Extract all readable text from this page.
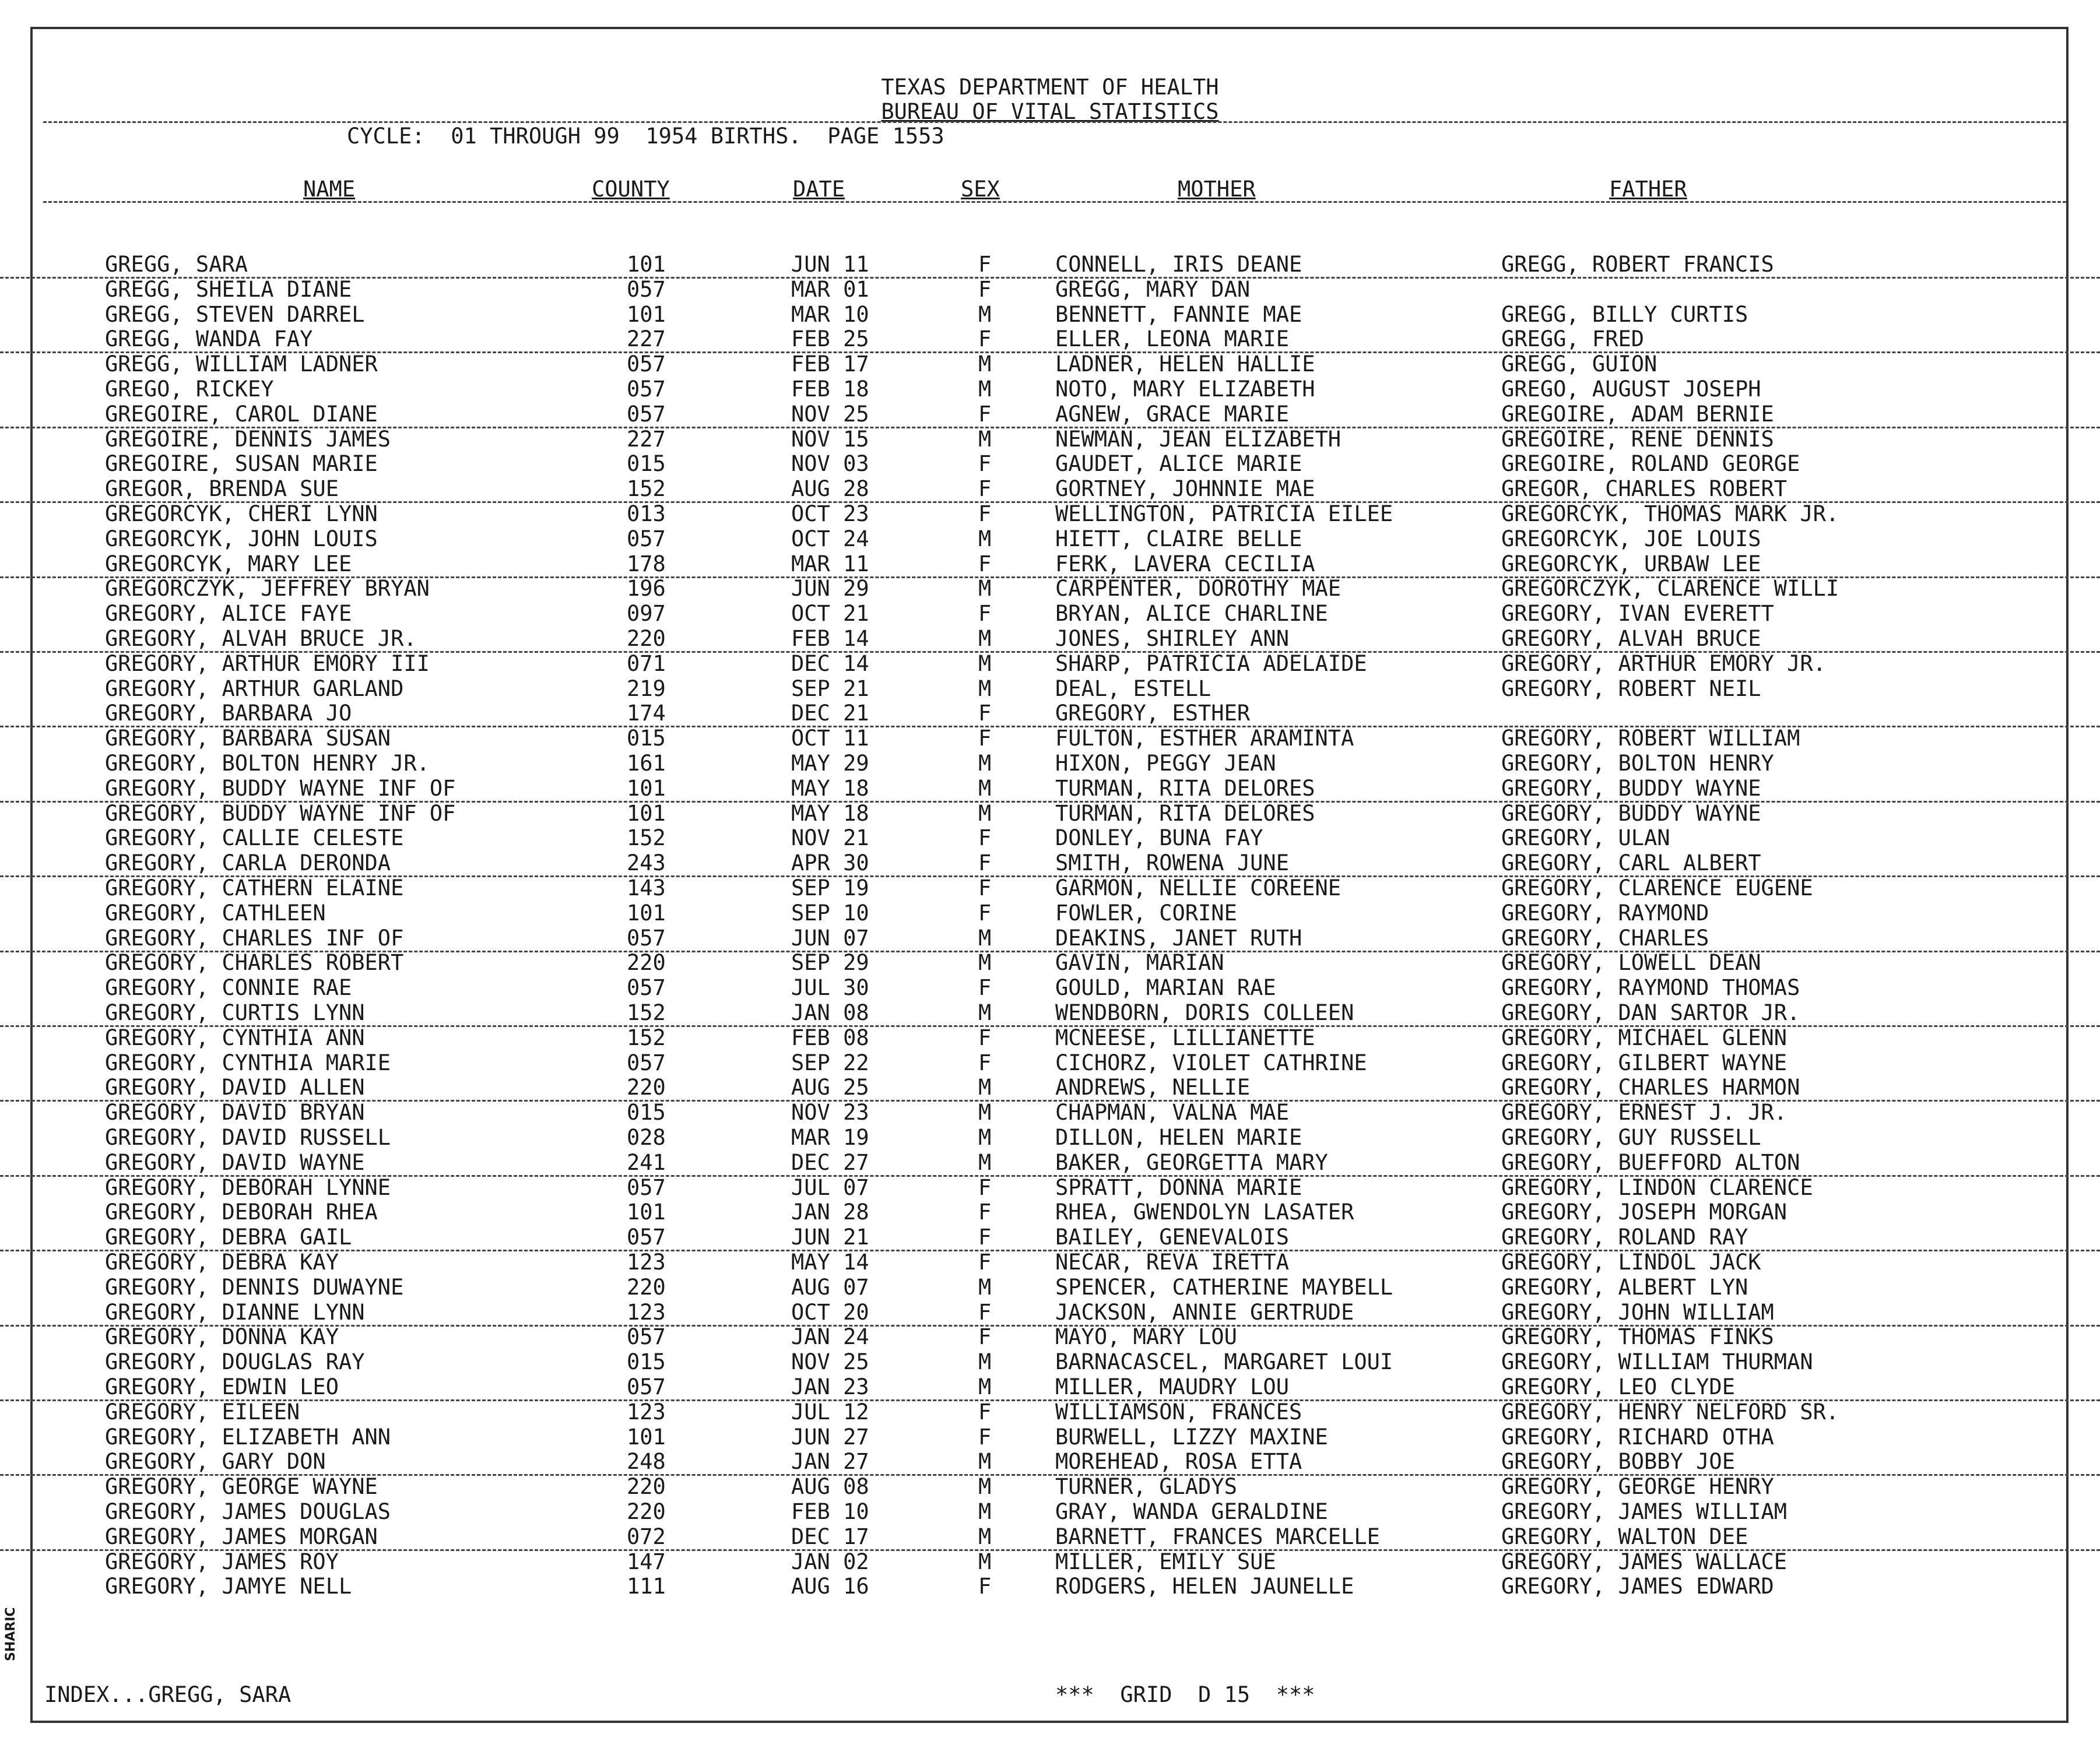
SHARIC
TEXAS DEPARTMENT OF HEALTH
BUREAU OF VITAL STATISTICS
CYCLE:  01 THROUGH 99  1954 BIRTHS.  PAGE 1553
NAME	COUNTY	DATE	SEX	MOTHER	FATHER
GREGG, SARA	101	JUN 11	F	CONNELL, IRIS DEANE	GREGG, ROBERT FRANCIS
GREGG, SHEILA DIANE	057	MAR 01	F	GREGG, MARY DAN
GREGG, STEVEN DARREL	101	MAR 10	M	BENNETT, FANNIE MAE	GREGG, BILLY CURTIS
GREGG, WANDA FAY	227	FEB 25	F	ELLER, LEONA MARIE	GREGG, FRED
GREGG, WILLIAM LADNER	057	FEB 17	M	LADNER, HELEN HALLIE	GREGG, GUION
GREGO, RICKEY	057	FEB 18	M	NOTO, MARY ELIZABETH	GREGO, AUGUST JOSEPH
GREGOIRE, CAROL DIANE	057	NOV 25	F	AGNEW, GRACE MARIE	GREGOIRE, ADAM BERNIE
GREGOIRE, DENNIS JAMES	227	NOV 15	M	NEWMAN, JEAN ELIZABETH	GREGOIRE, RENE DENNIS
GREGOIRE, SUSAN MARIE	015	NOV 03	F	GAUDET, ALICE MARIE	GREGOIRE, ROLAND GEORGE
GREGOR, BRENDA SUE	152	AUG 28	F	GORTNEY, JOHNNIE MAE	GREGOR, CHARLES ROBERT
GREGORCYK, CHERI LYNN	013	OCT 23	F	WELLINGTON, PATRICIA EILEE	GREGORCYK, THOMAS MARK JR.
GREGORCYK, JOHN LOUIS	057	OCT 24	M	HIETT, CLAIRE BELLE	GREGORCYK, JOE LOUIS
GREGORCYK, MARY LEE	178	MAR 11	F	FERK, LAVERA CECILIA	GREGORCYK, URBAW LEE
GREGORCZYK, JEFFREY BRYAN	196	JUN 29	M	CARPENTER, DOROTHY MAE	GREGORCZYK, CLARENCE WILLI
GREGORY, ALICE FAYE	097	OCT 21	F	BRYAN, ALICE CHARLINE	GREGORY, IVAN EVERETT
GREGORY, ALVAH BRUCE JR.	220	FEB 14	M	JONES, SHIRLEY ANN	GREGORY, ALVAH BRUCE
GREGORY, ARTHUR EMORY III	071	DEC 14	M	SHARP, PATRICIA ADELAIDE	GREGORY, ARTHUR EMORY JR.
GREGORY, ARTHUR GARLAND	219	SEP 21	M	DEAL, ESTELL	GREGORY, ROBERT NEIL
GREGORY, BARBARA JO	174	DEC 21	F	GREGORY, ESTHER
GREGORY, BARBARA SUSAN	015	OCT 11	F	FULTON, ESTHER ARAMINTA	GREGORY, ROBERT WILLIAM
GREGORY, BOLTON HENRY JR.	161	MAY 29	M	HIXON, PEGGY JEAN	GREGORY, BOLTON HENRY
GREGORY, BUDDY WAYNE INF OF	101	MAY 18	M	TURMAN, RITA DELORES	GREGORY, BUDDY WAYNE
GREGORY, BUDDY WAYNE INF OF	101	MAY 18	M	TURMAN, RITA DELORES	GREGORY, BUDDY WAYNE
GREGORY, CALLIE CELESTE	152	NOV 21	F	DONLEY, BUNA FAY	GREGORY, ULAN
GREGORY, CARLA DERONDA	243	APR 30	F	SMITH, ROWENA JUNE	GREGORY, CARL ALBERT
GREGORY, CATHERN ELAINE	143	SEP 19	F	GARMON, NELLIE COREENE	GREGORY, CLARENCE EUGENE
GREGORY, CATHLEEN	101	SEP 10	F	FOWLER, CORINE	GREGORY, RAYMOND
GREGORY, CHARLES INF OF	057	JUN 07	M	DEAKINS, JANET RUTH	GREGORY, CHARLES
GREGORY, CHARLES ROBERT	220	SEP 29	M	GAVIN, MARIAN	GREGORY, LOWELL DEAN
GREGORY, CONNIE RAE	057	JUL 30	F	GOULD, MARIAN RAE	GREGORY, RAYMOND THOMAS
GREGORY, CURTIS LYNN	152	JAN 08	M	WENDBORN, DORIS COLLEEN	GREGORY, DAN SARTOR JR.
GREGORY, CYNTHIA ANN	152	FEB 08	F	MCNEESE, LILLIANETTE	GREGORY, MICHAEL GLENN
GREGORY, CYNTHIA MARIE	057	SEP 22	F	CICHORZ, VIOLET CATHRINE	GREGORY, GILBERT WAYNE
GREGORY, DAVID ALLEN	220	AUG 25	M	ANDREWS, NELLIE	GREGORY, CHARLES HARMON
GREGORY, DAVID BRYAN	015	NOV 23	M	CHAPMAN, VALNA MAE	GREGORY, ERNEST J. JR.
GREGORY, DAVID RUSSELL	028	MAR 19	M	DILLON, HELEN MARIE	GREGORY, GUY RUSSELL
GREGORY, DAVID WAYNE	241	DEC 27	M	BAKER, GEORGETTA MARY	GREGORY, BUEFFORD ALTON
GREGORY, DEBORAH LYNNE	057	JUL 07	F	SPRATT, DONNA MARIE	GREGORY, LINDON CLARENCE
GREGORY, DEBORAH RHEA	101	JAN 28	F	RHEA, GWENDOLYN LASATER	GREGORY, JOSEPH MORGAN
GREGORY, DEBRA GAIL	057	JUN 21	F	BAILEY, GENEVALOIS	GREGORY, ROLAND RAY
GREGORY, DEBRA KAY	123	MAY 14	F	NECAR, REVA IRETTA	GREGORY, LINDOL JACK
GREGORY, DENNIS DUWAYNE	220	AUG 07	M	SPENCER, CATHERINE MAYBELL	GREGORY, ALBERT LYN
GREGORY, DIANNE LYNN	123	OCT 20	F	JACKSON, ANNIE GERTRUDE	GREGORY, JOHN WILLIAM
GREGORY, DONNA KAY	057	JAN 24	F	MAYO, MARY LOU	GREGORY, THOMAS FINKS
GREGORY, DOUGLAS RAY	015	NOV 25	M	BARNACASCEL, MARGARET LOUI	GREGORY, WILLIAM THURMAN
GREGORY, EDWIN LEO	057	JAN 23	M	MILLER, MAUDRY LOU	GREGORY, LEO CLYDE
GREGORY, EILEEN	123	JUL 12	F	WILLIAMSON, FRANCES	GREGORY, HENRY NELFORD SR.
GREGORY, ELIZABETH ANN	101	JUN 27	F	BURWELL, LIZZY MAXINE	GREGORY, RICHARD OTHA
GREGORY, GARY DON	248	JAN 27	M	MOREHEAD, ROSA ETTA	GREGORY, BOBBY JOE
GREGORY, GEORGE WAYNE	220	AUG 08	M	TURNER, GLADYS	GREGORY, GEORGE HENRY
GREGORY, JAMES DOUGLAS	220	FEB 10	M	GRAY, WANDA GERALDINE	GREGORY, JAMES WILLIAM
GREGORY, JAMES MORGAN	072	DEC 17	M	BARNETT, FRANCES MARCELLE	GREGORY, WALTON DEE
GREGORY, JAMES ROY	147	JAN 02	M	MILLER, EMILY SUE	GREGORY, JAMES WALLACE
GREGORY, JAMYE NELL	111	AUG 16	F	RODGERS, HELEN JAUNELLE	GREGORY, JAMES EDWARD
INDEX...GREGG, SARA	***  GRID  D 15  ***
